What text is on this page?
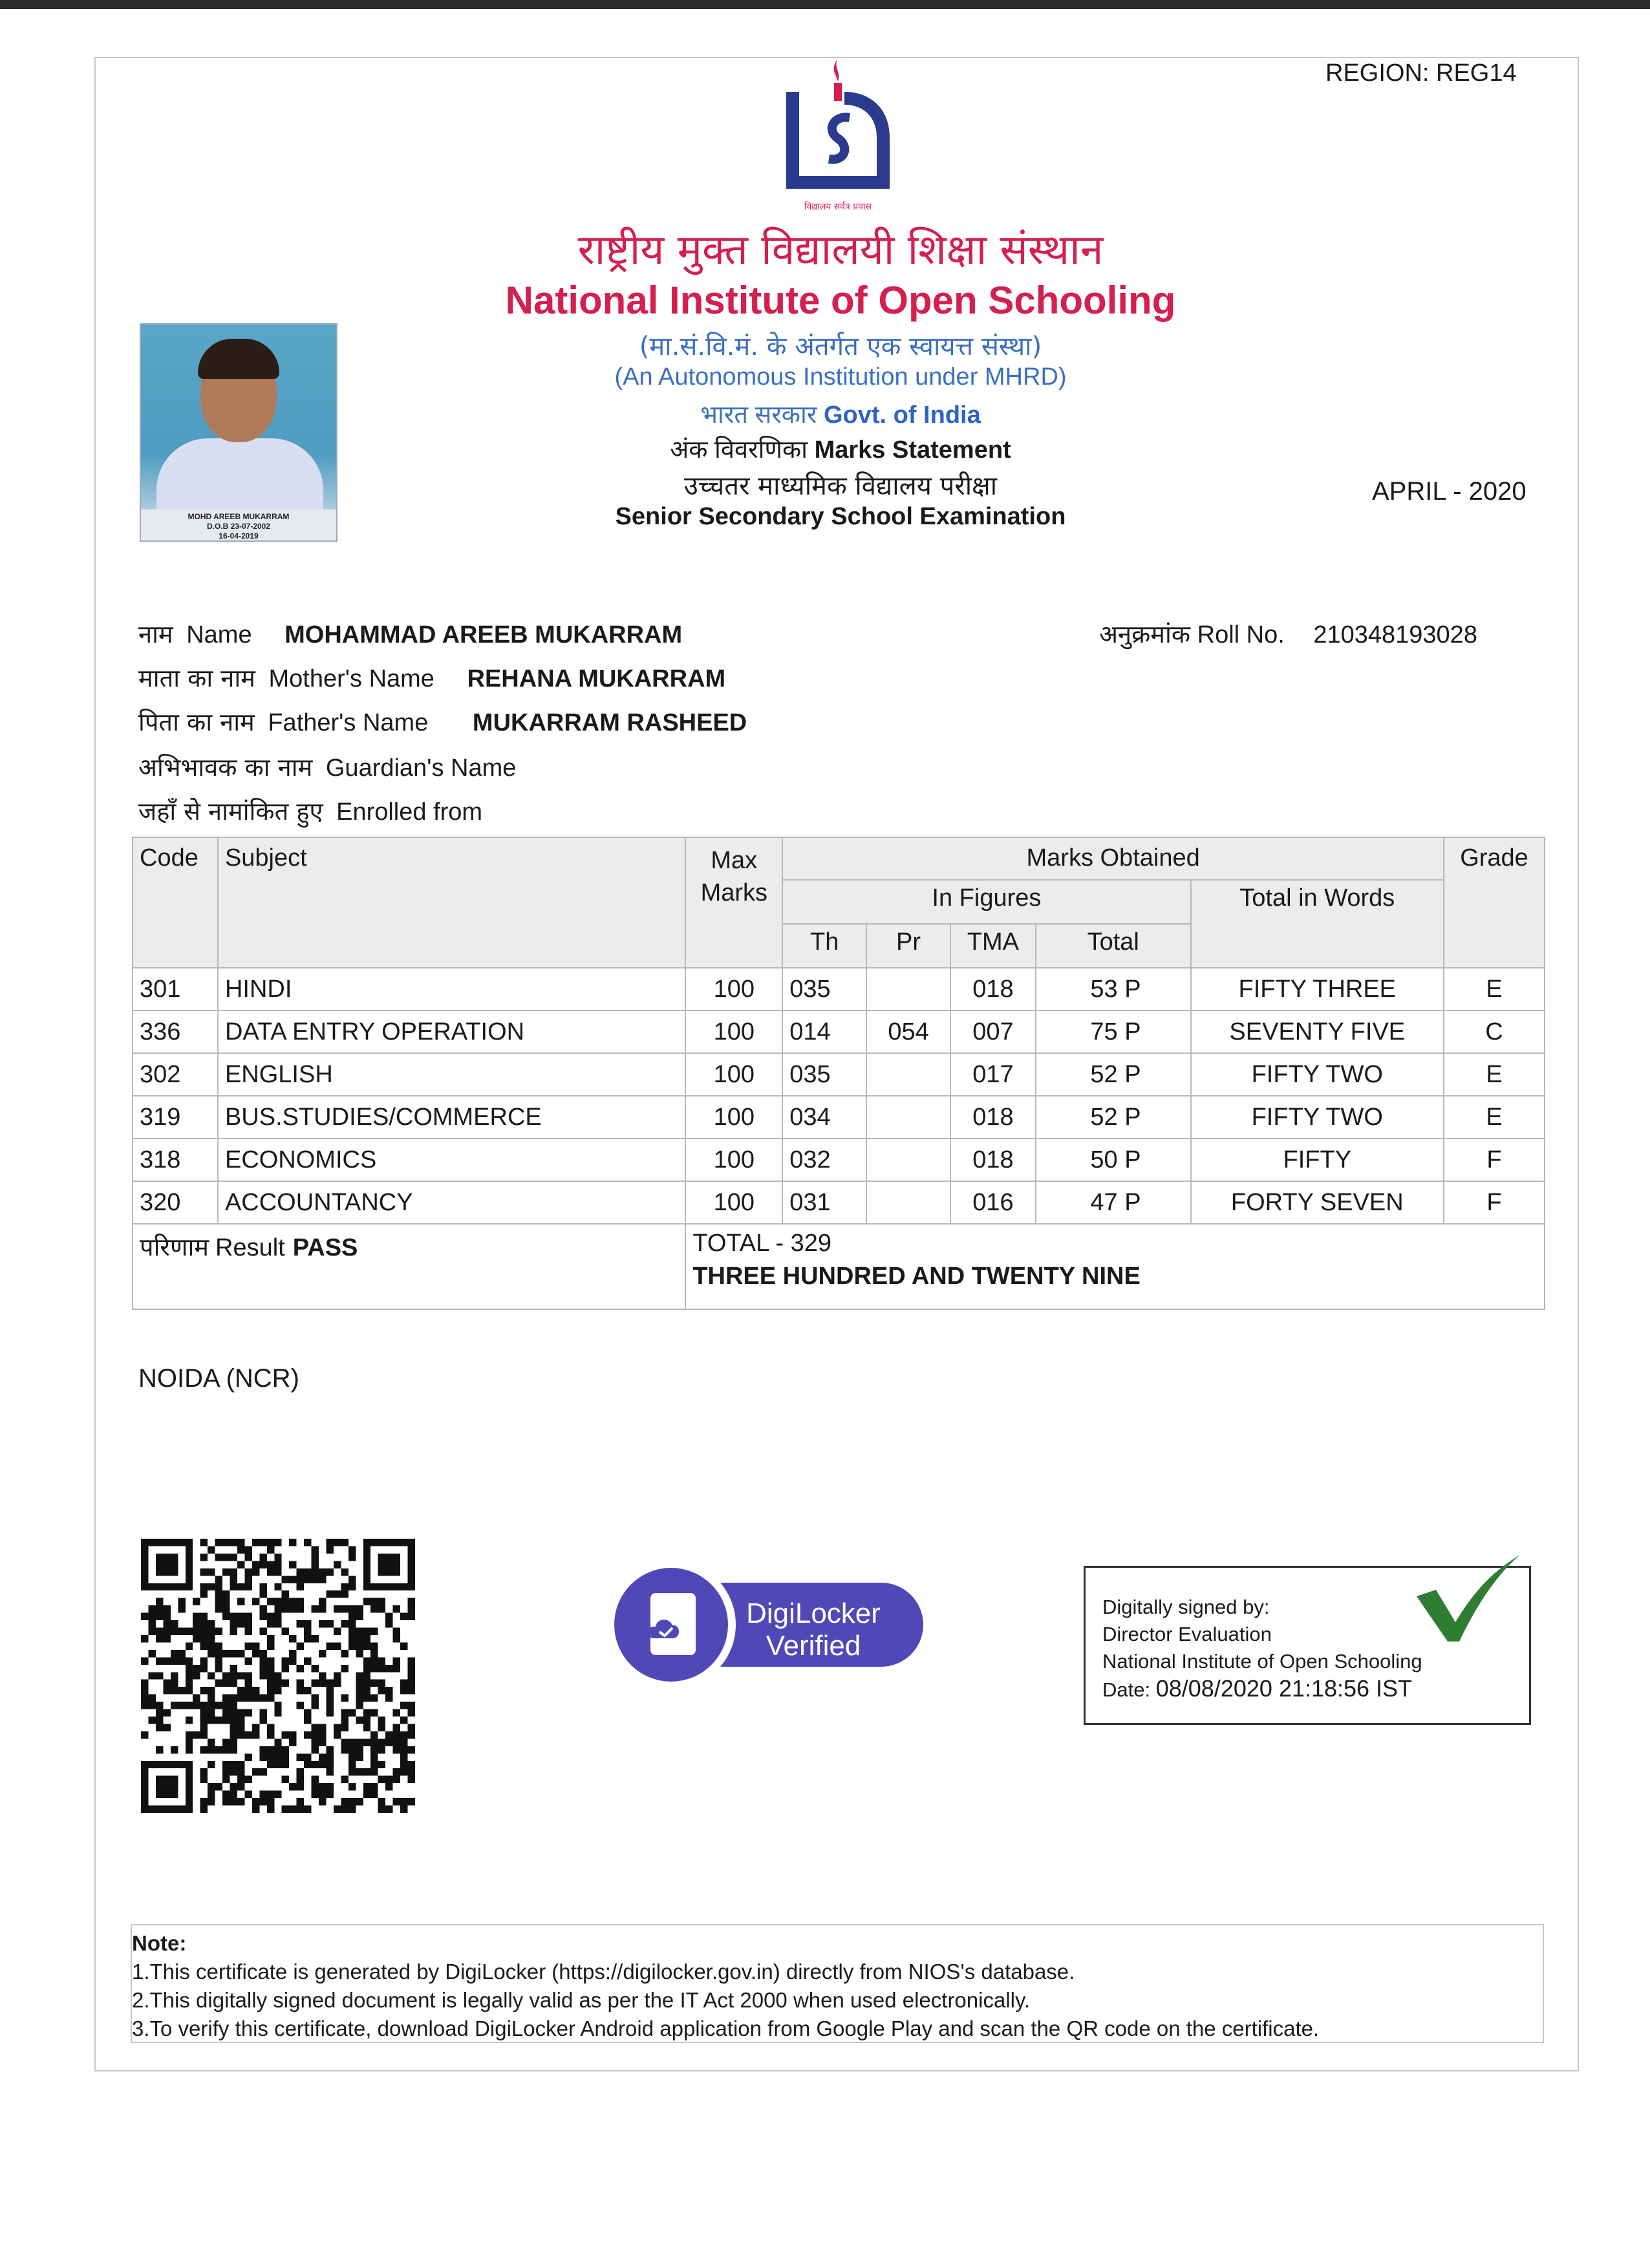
REGION: REG14
विद्यालय सर्वत्र प्रवास
राष्ट्रीय मुक्त विद्यालयी शिक्षा संस्थान
National Institute of Open Schooling
(मा.सं.वि.मं. के अंतर्गत एक स्वायत्त संस्था)
(An Autonomous Institution under MHRD)
भारत सरकार Govt. of India
अंक विवरणिका Marks Statement
उच्चतर माध्यमिक विद्यालय परीक्षा
Senior Secondary School Examination
APRIL - 2020
MOHD AREEB MUKARRAM
D.O.B 23-07-2002
16-04-2019
नाम Name MOHAMMAD AREEB MUKARRAM	अनुक्रमांक Roll No. 210348193028
माता का नाम Mother's Name REHANA MUKARRAM
पिता का नाम Father's Name MUKARRAM RASHEED
अभिभावक का नाम Guardian's Name
जहाँ से नामांकित हुए Enrolled from
Code	Subject	Max Marks	Marks Obtained					Grade
			In Figures				Total in Words	
			Th	Pr	TMA	Total		
301	HINDI	100	035		018	53 P	FIFTY THREE	E
336	DATA ENTRY OPERATION	100	014	054	007	75 P	SEVENTY FIVE	C
302	ENGLISH	100	035		017	52 P	FIFTY TWO	E
319	BUS.STUDIES/COMMERCE	100	034		018	52 P	FIFTY TWO	E
318	ECONOMICS	100	032		018	50 P	FIFTY	F
320	ACCOUNTANCY	100	031		016	47 P	FORTY SEVEN	F
परिणाम Result PASS		TOTAL - 329
THREE HUNDRED AND TWENTY NINE						
NOIDA (NCR)
DigiLocker
Verified
Digitally signed by:
Director Evaluation
National Institute of Open Schooling
Date: 08/08/2020 21:18:56 IST
Note:
1.This certificate is generated by DigiLocker (https://digilocker.gov.in) directly from NIOS's database.
2.This digitally signed document is legally valid as per the IT Act 2000 when used electronically.
3.To verify this certificate, download DigiLocker Android application from Google Play and scan the QR code on the certificate.
